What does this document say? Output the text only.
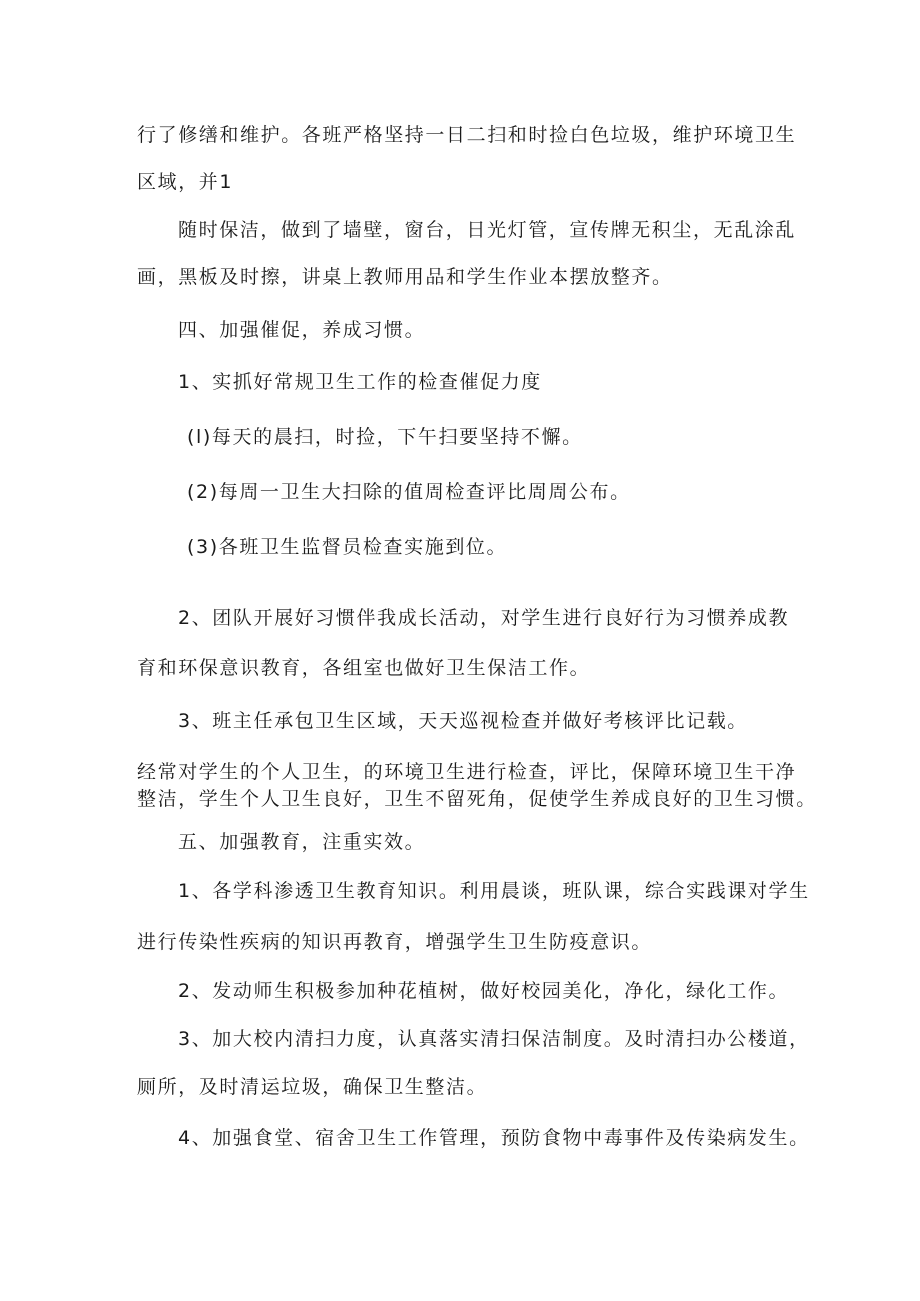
行了修缮和维护。各班严格坚持一日二扫和时捡白色垃圾，维护环境卫生

区域，并1

随时保洁，做到了墙壁，窗台，日光灯管，宣传牌无积尘，无乱涂乱

画，黑板及时擦，讲桌上教师用品和学生作业本摆放整齐。

四、加强催促，养成习惯。

1、实抓好常规卫生工作的检查催促力度

(l)每天的晨扫，时捡，下午扫要坚持不懈。

(2)每周一卫生大扫除的值周检查评比周周公布。

(3)各班卫生监督员检查实施到位。

2、团队开展好习惯伴我成长活动，对学生进行良好行为习惯养成教

育和环保意识教育，各组室也做好卫生保洁工作。

3、班主任承包卫生区域，天天巡视检查并做好考核评比记载。

经常对学生的个人卫生，的环境卫生进行检查，评比，保障环境卫生干净

整洁，学生个人卫生良好，卫生不留死角，促使学生养成良好的卫生习惯。

五、加强教育，注重实效。

1、各学科渗透卫生教育知识。利用晨谈，班队课，综合实践课对学生

进行传染性疾病的知识再教育，增强学生卫生防疫意识。

2、发动师生积极参加种花植树，做好校园美化，净化，绿化工作。

3、加大校内清扫力度，认真落实清扫保洁制度。及时清扫办公楼道，

厕所，及时清运垃圾，确保卫生整洁。

4、加强食堂、宿舍卫生工作管理，预防食物中毒事件及传染病发生。
